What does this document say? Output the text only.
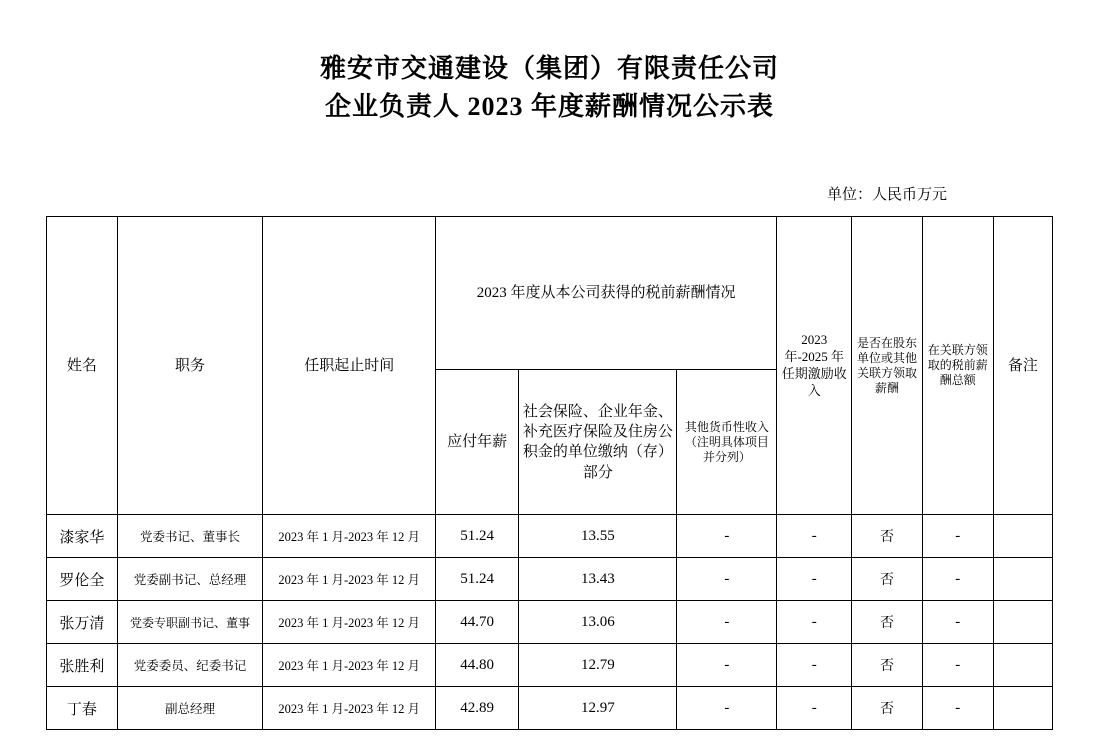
雅安市交通建设（集团）有限责任公司
企业负责人 2023 年度薪酬情况公示表
单位：人民币万元
姓名	职务	任职起止时间	2023 年度从本公司获得的税前薪酬情况			2023 年-2025 年任期激励收入	是否在股东单位或其他关联方领取薪酬	在关联方领取的税前薪酬总额	备注
			应付年薪	社会保险、企业年金、补充医疗保险及住房公积金的单位缴纳（存）部分	其他货币性收入（注明具体项目并分列）				
漆家华	党委书记、董事长	2023 年 1 月-2023 年 12 月	51.24	13.55	-	-	否	-	
罗伦全	党委副书记、总经理	2023 年 1 月-2023 年 12 月	51.24	13.43	-	-	否	-	
张万清	党委专职副书记、董事	2023 年 1 月-2023 年 12 月	44.70	13.06	-	-	否	-	
张胜利	党委委员、纪委书记	2023 年 1 月-2023 年 12 月	44.80	12.79	-	-	否	-	
丁春	副总经理	2023 年 1 月-2023 年 12 月	42.89	12.97	-	-	否	-	
